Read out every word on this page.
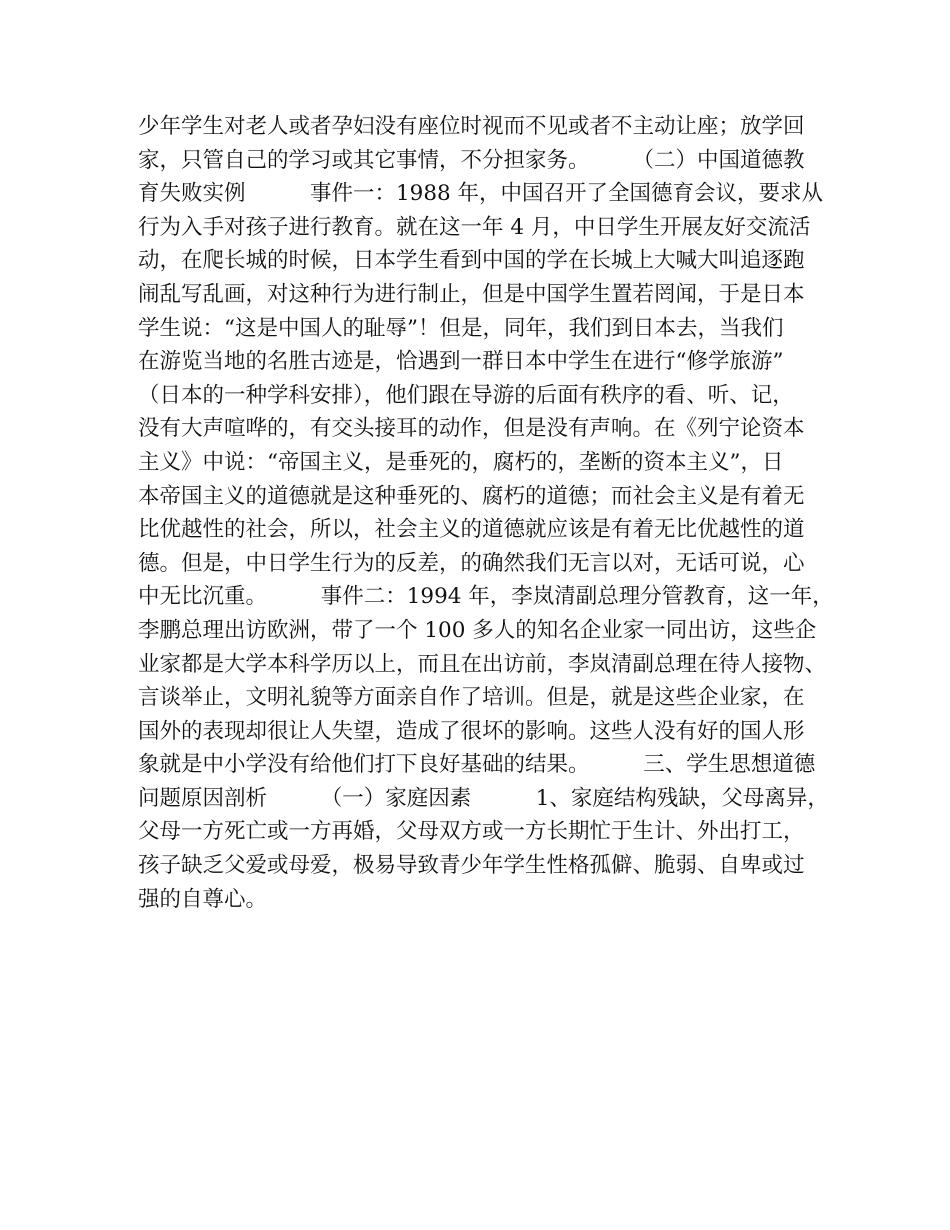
少年学生对老人或者孕妇没有座位时视而不见或者不主动让座；放学回
家，只管自己的学习或其它事情，不分担家务。　　　（二）中国道德教
育失败实例　　　事件一：1988 年，中国召开了全国德育会议，要求从
行为入手对孩子进行教育。就在这一年 4 月，中日学生开展友好交流活
动，在爬长城的时候，日本学生看到中国的学在长城上大喊大叫追逐跑
闹乱写乱画，对这种行为进行制止，但是中国学生置若罔闻，于是日本
学生说：“这是中国人的耻辱”！但是，同年，我们到日本去，当我们
在游览当地的名胜古迹是，恰遇到一群日本中学生在进行“修学旅游”
（日本的一种学科安排），他们跟在导游的后面有秩序的看、听、记，
没有大声喧哗的，有交头接耳的动作，但是没有声响。在《列宁论资本
主义》中说：“帝国主义，是垂死的，腐朽的，垄断的资本主义”，日
本帝国主义的道德就是这种垂死的、腐朽的道德；而社会主义是有着无
比优越性的社会，所以，社会主义的道德就应该是有着无比优越性的道
德。但是，中日学生行为的反差，的确然我们无言以对，无话可说，心
中无比沉重。　　　事件二：1994 年，李岚清副总理分管教育，这一年，
李鹏总理出访欧洲，带了一个 100 多人的知名企业家一同出访，这些企
业家都是大学本科学历以上，而且在出访前，李岚清副总理在待人接物、
言谈举止，文明礼貌等方面亲自作了培训。但是，就是这些企业家，在
国外的表现却很让人失望，造成了很坏的影响。这些人没有好的国人形
象就是中小学没有给他们打下良好基础的结果。　　　三、学生思想道德
问题原因剖析　　　（一）家庭因素　　　1、家庭结构残缺，父母离异，
父母一方死亡或一方再婚，父母双方或一方长期忙于生计、外出打工，
孩子缺乏父爱或母爱，极易导致青少年学生性格孤僻、脆弱、自卑或过
强的自尊心。
